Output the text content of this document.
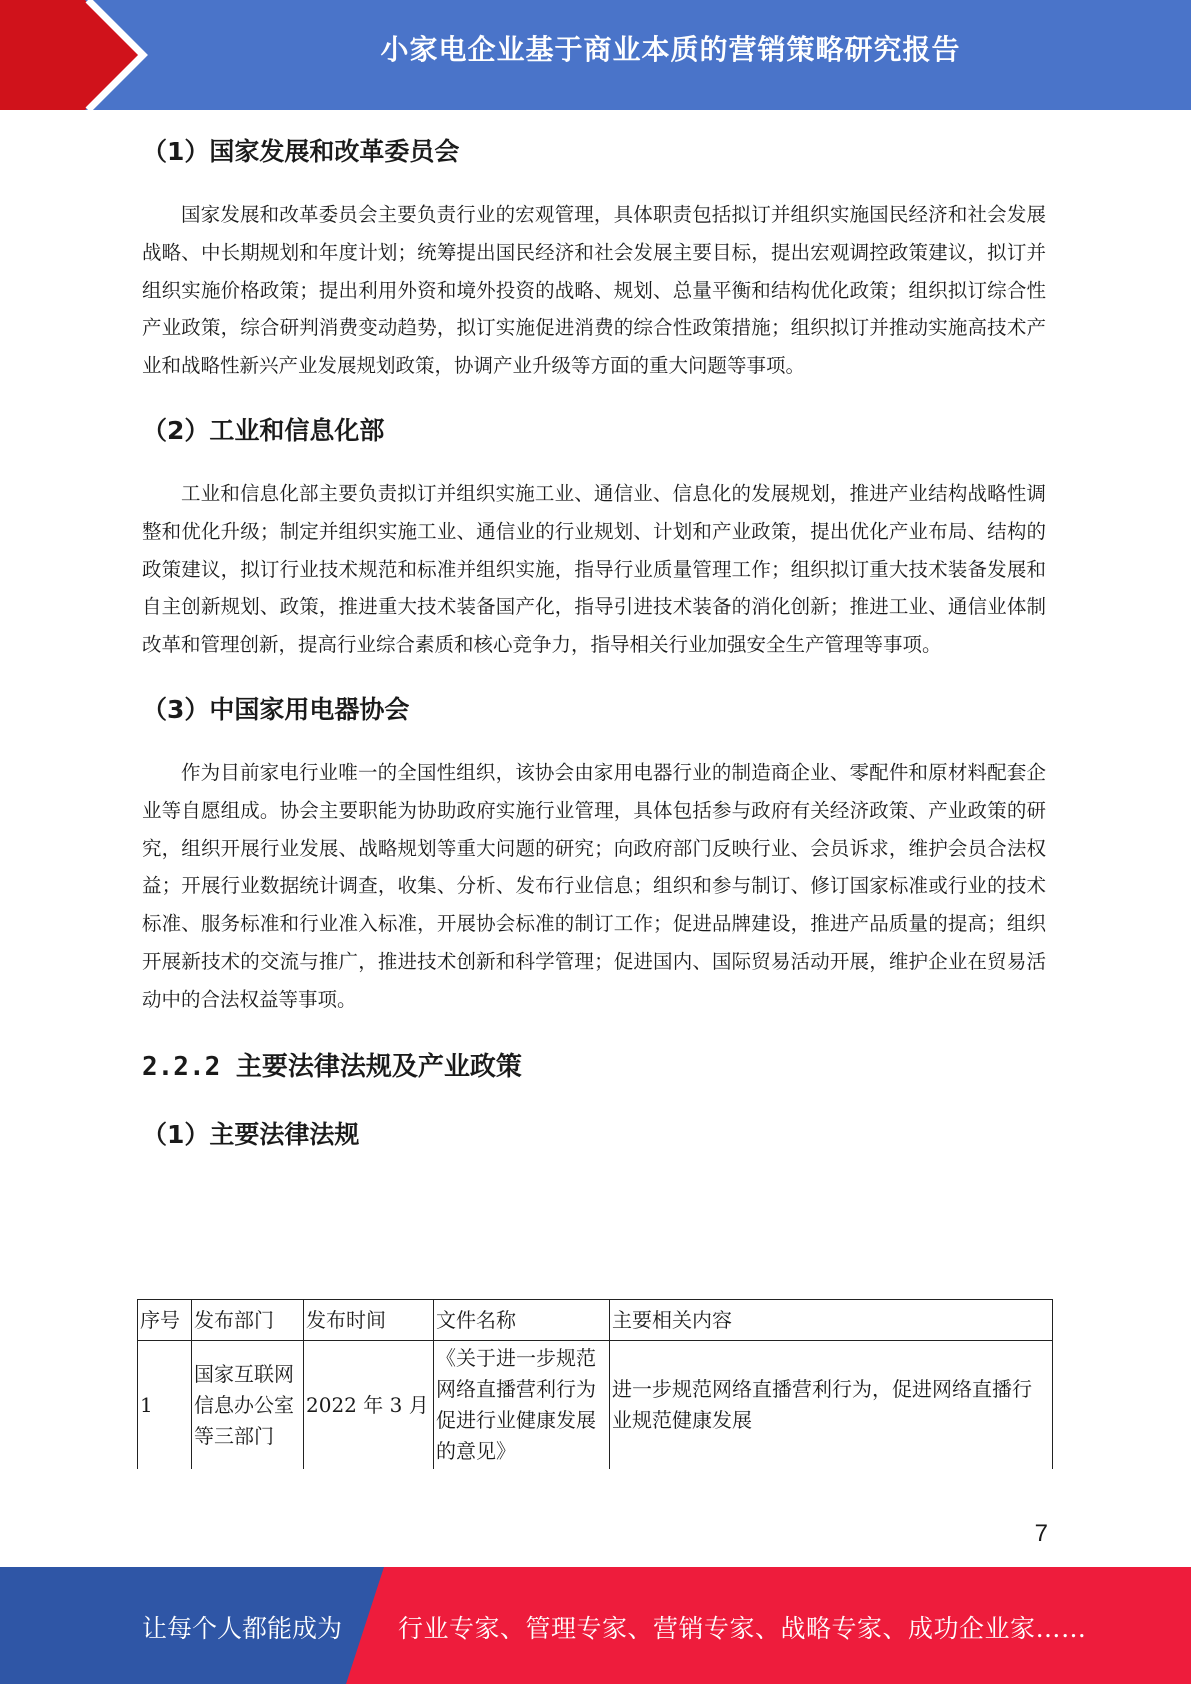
小家电企业基于商业本质的营销策略研究报告
（1）国家发展和改革委员会

国家发展和改革委员会主要负责行业的宏观管理，具体职责包括拟订并组织实施国民经济和社会发展战略、中长期规划和年度计划；统筹提出国民经济和社会发展主要目标，提出宏观调控政策建议，拟订并组织实施价格政策；提出利用外资和境外投资的战略、规划、总量平衡和结构优化政策；组织拟订综合性产业政策，综合研判消费变动趋势，拟订实施促进消费的综合性政策措施；组织拟订并推动实施高技术产业和战略性新兴产业发展规划政策，协调产业升级等方面的重大问题等事项。

（2）工业和信息化部

工业和信息化部主要负责拟订并组织实施工业、通信业、信息化的发展规划，推进产业结构战略性调整和优化升级；制定并组织实施工业、通信业的行业规划、计划和产业政策，提出优化产业布局、结构的政策建议，拟订行业技术规范和标准并组织实施，指导行业质量管理工作；组织拟订重大技术装备发展和自主创新规划、政策，推进重大技术装备国产化，指导引进技术装备的消化创新；推进工业、通信业体制改革和管理创新，提高行业综合素质和核心竞争力，指导相关行业加强安全生产管理等事项。

（3）中国家用电器协会

作为目前家电行业唯一的全国性组织，该协会由家用电器行业的制造商企业、零配件和原材料配套企业等自愿组成。协会主要职能为协助政府实施行业管理，具体包括参与政府有关经济政策、产业政策的研究，组织开展行业发展、战略规划等重大问题的研究；向政府部门反映行业、会员诉求，维护会员合法权益；开展行业数据统计调查，收集、分析、发布行业信息；组织和参与制订、修订国家标准或行业的技术标准、服务标准和行业准入标准，开展协会标准的制订工作；促进品牌建设，推进产品质量的提高；组织开展新技术的交流与推广，推进技术创新和科学管理；促进国内、国际贸易活动开展，维护企业在贸易活动中的合法权益等事项。

2.2.2 主要法律法规及产业政策
（1）主要法律法规
序号	发布部门	发布时间	文件名称	主要相关内容
1	国家互联网信息办公室等三部门	2022 年 3 月	《关于进一步规范网络直播营利行为促进行业健康发展的意见》	进一步规范网络直播营利行为，促进网络直播行业规范健康发展
7
让每个人都能成为 行业专家、管理专家、营销专家、战略专家、成功企业家……
